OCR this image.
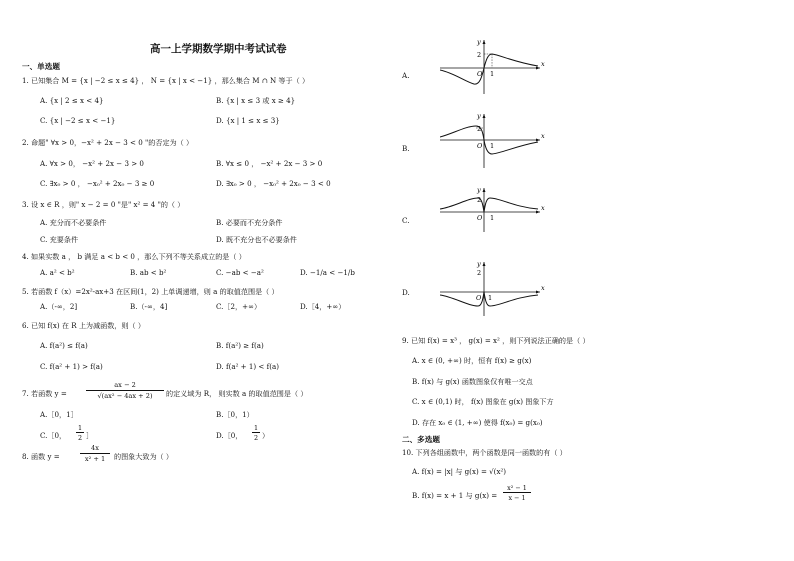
高一上学期数学期中考试试卷
一、单选题
1. 已知集合 M = {x | −2 ≤ x ≤ 4} ， N = {x | x < −1} ，那么集合 M ∩ N 等于（ ）
A. {x | 2 ≤ x < 4}	B. {x | x ≤ 3 或 x ≥ 4}
C. {x | −2 ≤ x < −1}	D. {x | 1 ≤ x ≤ 3}
2. 命题" ∀x > 0，−x² + 2x − 3 < 0 "的否定为（ ）
A. ∀x > 0， −x² + 2x − 3 > 0	B. ∀x ≤ 0 ， −x² + 2x − 3 > 0
C. ∃x₀ > 0 ， −x₀² + 2x₀ − 3 ≥ 0	D. ∃x₀ > 0 ， −x₀² + 2x₀ − 3 < 0
3. 设 x ∈ R ，则" x − 2 = 0 "是" x² = 4 "的（ ）
A. 充分而不必要条件	B. 必要而不充分条件
C. 充要条件	D. 既不充分也不必要条件
4. 如果实数 a ， b 满足 a < b < 0 ，那么下列不等关系成立的是（ ）
A. a² < b²	B. ab < b²	C. −ab < −a²	D. −1/a < −1/b
5. 若函数 f（x）=2x²-ax+3 在区间(1，2) 上单调递增，则 a 的取值范围是（ ）
A.（-∞，2]	B.（-∞，4]	C.［2，+∞）	D.［4，+∞）
6. 已知 f(x) 在 R 上为减函数，则（ ）
A. f(a²) ≤ f(a)	B. f(a²) ≥ f(a)
C. f(a² + 1) > f(a)	D. f(a² + 1) < f(a)
7. 若函数 y =
ax − 2
√(ax² − 4ax + 2)	的定义域为 R， 则实数 a 的取值范围是（ ）
A.［0，1］	B.［0，1）
C.［0，
1
2 ］	D.［0，
1
2 ）
8. 函数 y =
4x
x² + 1	的图象大致为（ ）
A.
B.
C.
D.
y
x
2
O 1
y
x
2
O 1
y
x
2
O 1
y
x
2
O 1
9. 已知 f(x) = x³ ， g(x) = x² ，则下列说法正确的是（ ）
A. x ∈ (0, +∞) 时，恒有 f(x) ≥ g(x)
B. f(x) 与 g(x) 函数图象仅有唯一交点
C. x ∈ (0,1) 时， f(x) 图象在 g(x) 图象下方
D. 存在 x₀ ∈ (1, +∞) 使得 f(x₀) = g(x₀)
二、多选题
10. 下列各组函数中，两个函数是同一函数的有（ ）
A. f(x) = |x| 与 g(x) = √(x²)
B. f(x) = x + 1 与 g(x) =
x² − 1
x − 1
